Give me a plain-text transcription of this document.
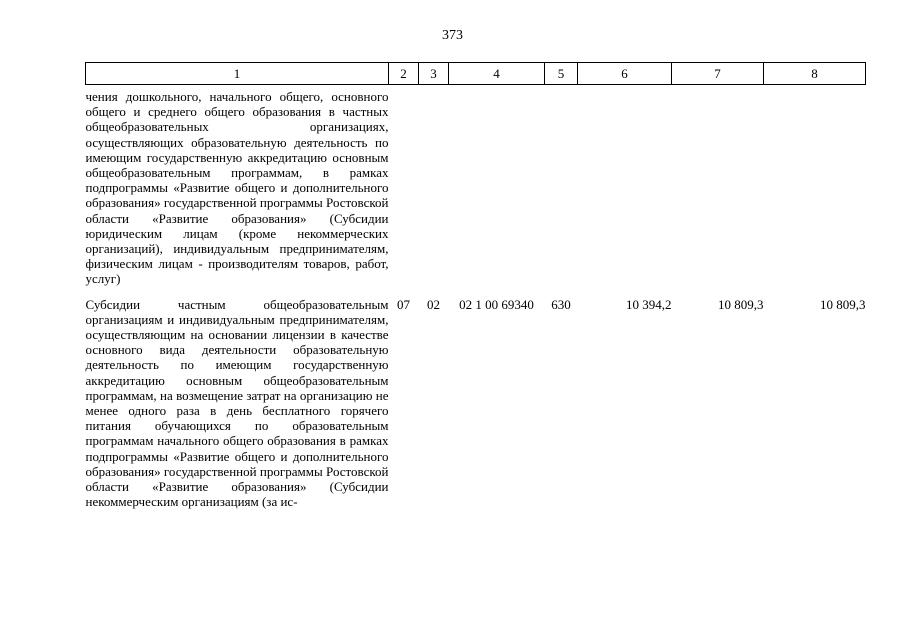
373
1	2	3	4	5	6	7	8
чения дошкольного, начального общего, основного общего и среднего общего образования в частных общеобразовательных организациях, осуществляющих образовательную деятельность по имеющим государственную аккредитацию основным общеобразовательным программам, в рамках подпрограммы «Развитие общего и дополнительного образования» государственной программы Ростовской области «Развитие образования» (Субсидии юридическим лицам (кроме некоммерческих организаций), индивидуальным предпринимателям, физическим лицам - производителям товаров, работ, услуг)							
Субсидии частным общеобразовательным организациям и индивидуальным предпринимателям, осуществляющим на основании лицензии в качестве основного вида деятельности образовательную деятельность по имеющим государственную аккредитацию основным общеобразовательным программам, на возмещение затрат на организацию не менее одного раза в день бесплатного горячего питания обучающихся по образовательным программам начального общего образования в рамках подпрограммы «Развитие общего и дополнительного образования» государственной программы Ростовской области «Развитие образования» (Субсидии некоммерческим организациям (за ис-	07	02	02 1 00 69340	630	10 394,2	10 809,3	10 809,3
